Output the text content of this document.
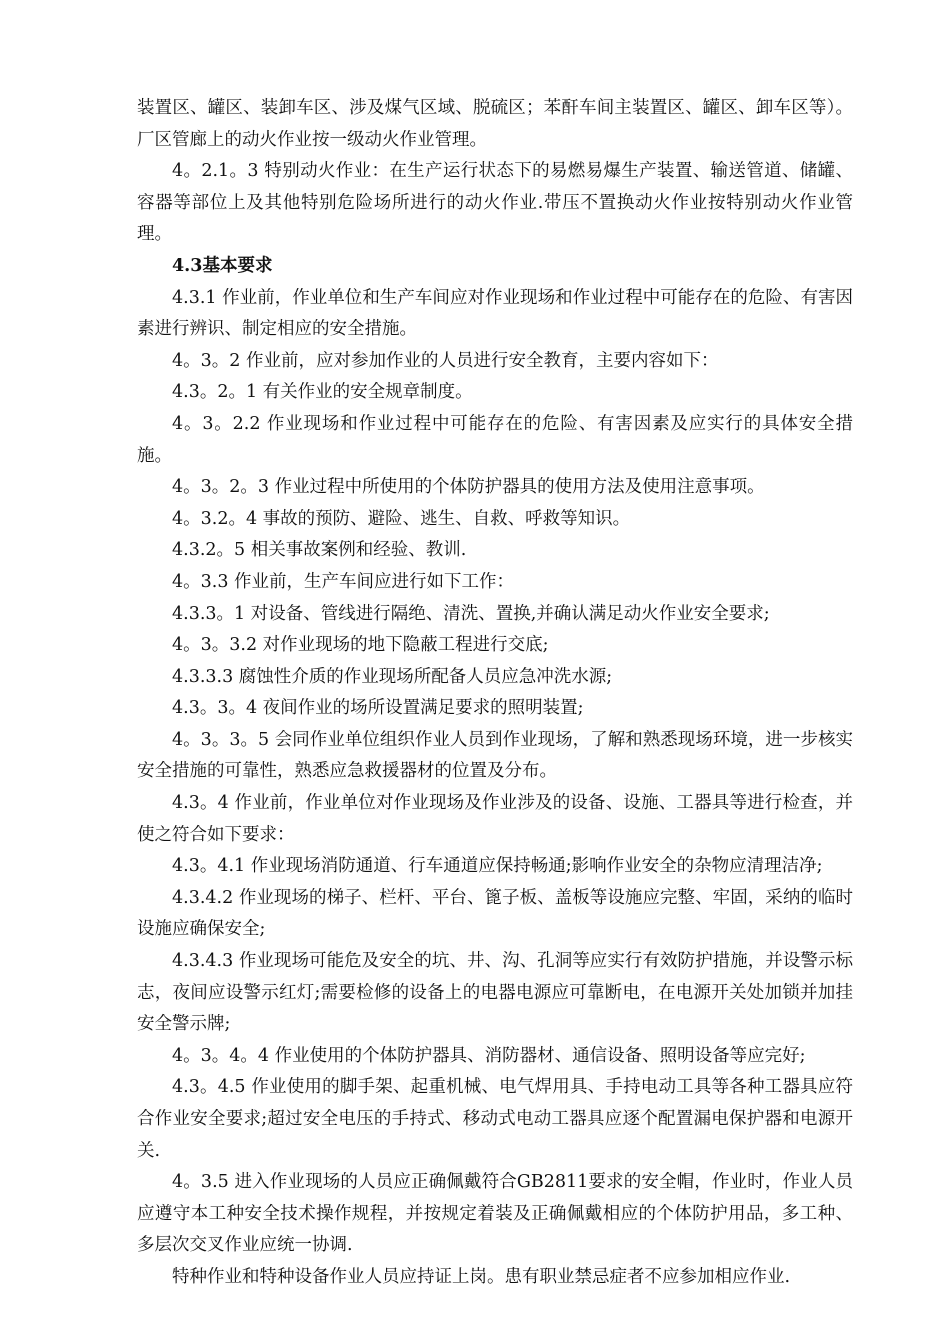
装置区、罐区、装卸车区、涉及煤气区域、脱硫区；苯酐车间主装置区、罐区、卸车区等）。厂区管廊上的动火作业按一级动火作业管理。

4。2.1。3 特别动火作业：在生产运行状态下的易燃易爆生产装置、输送管道、储罐、容器等部位上及其他特别危险场所进行的动火作业.带压不置换动火作业按特别动火作业管理。

4.3基本要求

4.3.1 作业前，作业单位和生产车间应对作业现场和作业过程中可能存在的危险、有害因素进行辨识、制定相应的安全措施。

4。3。2 作业前，应对参加作业的人员进行安全教育，主要内容如下：

4.3。2。1 有关作业的安全规章制度。

4。3。2.2 作业现场和作业过程中可能存在的危险、有害因素及应实行的具体安全措施。

4。3。2。3 作业过程中所使用的个体防护器具的使用方法及使用注意事项。

4。3.2。4 事故的预防、避险、逃生、自救、呼救等知识。

4.3.2。5 相关事故案例和经验、教训.

4。3.3 作业前，生产车间应进行如下工作：

4.3.3。1 对设备、管线进行隔绝、清洗、置换,并确认满足动火作业安全要求;

4。3。3.2 对作业现场的地下隐蔽工程进行交底;

4.3.3.3 腐蚀性介质的作业现场所配备人员应急冲洗水源;

4.3。3。4 夜间作业的场所设置满足要求的照明装置;

4。3。3。5 会同作业单位组织作业人员到作业现场，了解和熟悉现场环境，进一步核实安全措施的可靠性，熟悉应急救援器材的位置及分布。

4.3。4 作业前，作业单位对作业现场及作业涉及的设备、设施、工器具等进行检查，并使之符合如下要求：

4.3。4.1 作业现场消防通道、行车通道应保持畅通;影响作业安全的杂物应清理洁净;

4.3.4.2 作业现场的梯子、栏杆、平台、篦子板、盖板等设施应完整、牢固，采纳的临时设施应确保安全;

4.3.4.3 作业现场可能危及安全的坑、井、沟、孔洞等应实行有效防护措施，并设警示标志，夜间应设警示红灯;需要检修的设备上的电器电源应可靠断电，在电源开关处加锁并加挂安全警示牌;

4。3。4。4 作业使用的个体防护器具、消防器材、通信设备、照明设备等应完好;

4.3。4.5 作业使用的脚手架、起重机械、电气焊用具、手持电动工具等各种工器具应符合作业安全要求;超过安全电压的手持式、移动式电动工器具应逐个配置漏电保护器和电源开关.

4。3.5 进入作业现场的人员应正确佩戴符合GB2811要求的安全帽，作业时，作业人员应遵守本工种安全技术操作规程，并按规定着装及正确佩戴相应的个体防护用品，多工种、多层次交叉作业应统一协调.

特种作业和特种设备作业人员应持证上岗。患有职业禁忌症者不应参加相应作业.
